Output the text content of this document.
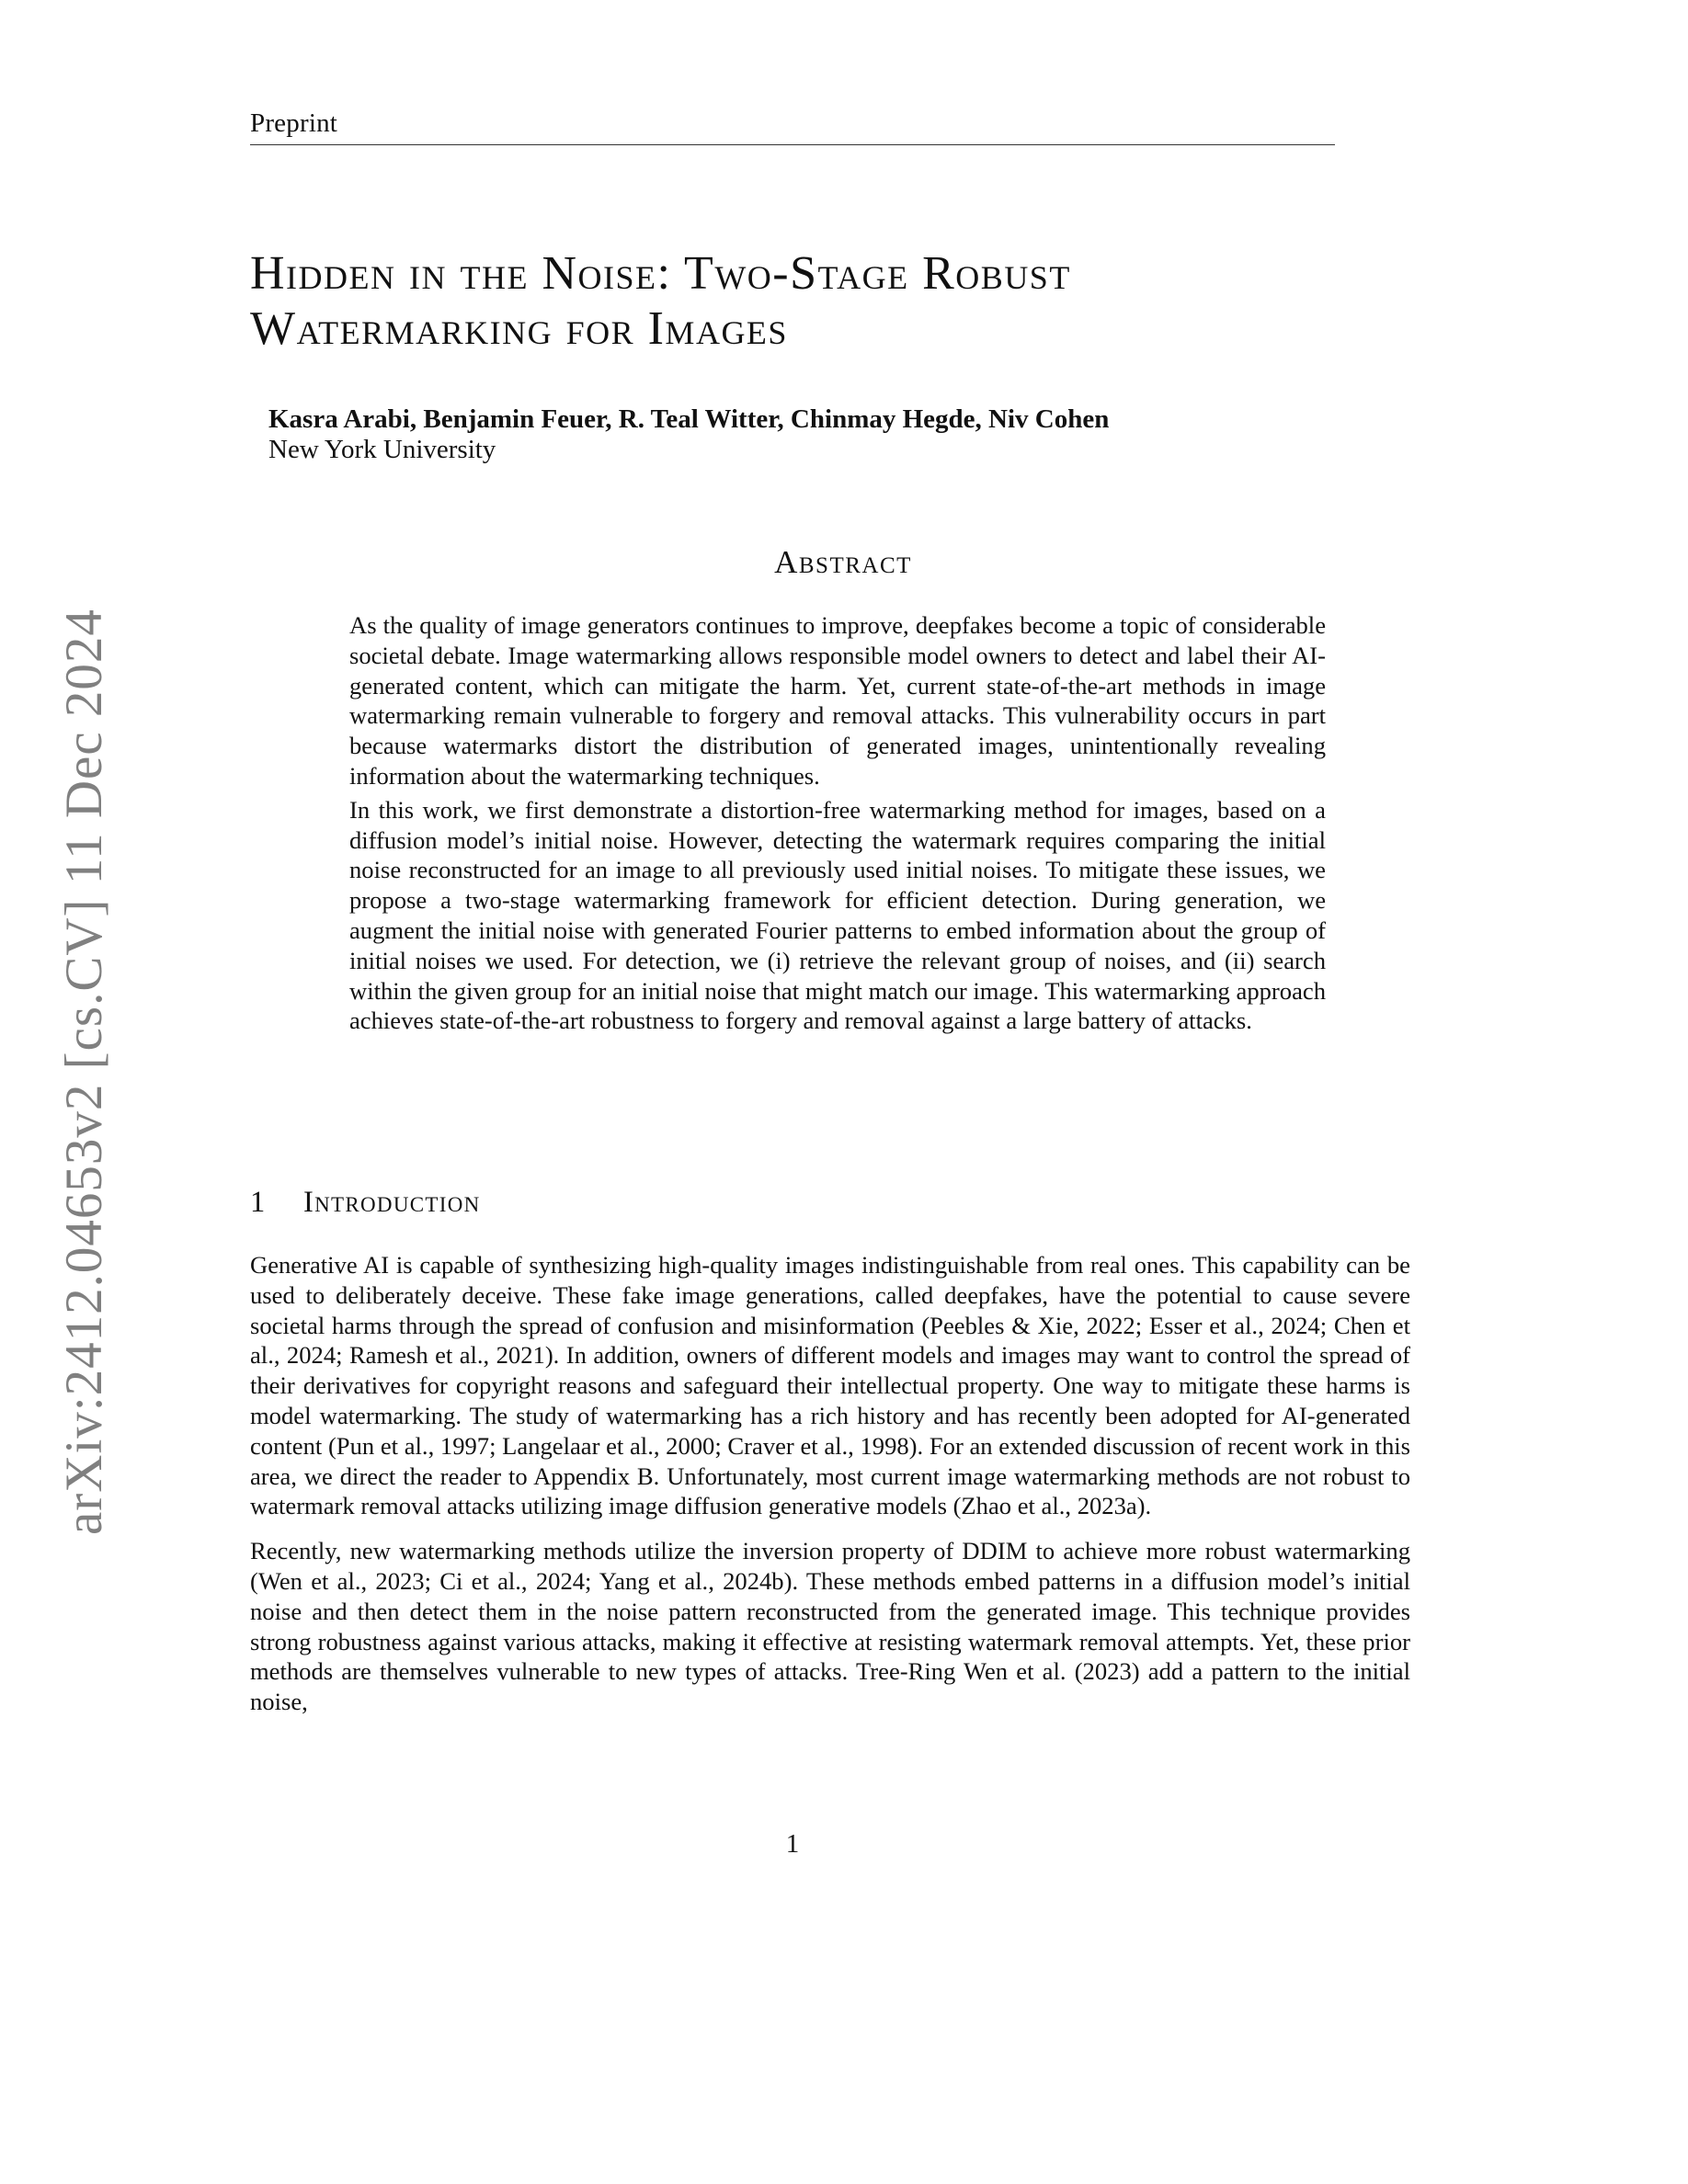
Preprint
arXiv:2412.04653v2 [cs.CV] 11 Dec 2024
Hidden in the Noise: Two-Stage Robust
Watermarking for Images
Kasra Arabi, Benjamin Feuer, R. Teal Witter, Chinmay Hegde, Niv Cohen
New York University
Abstract

As the quality of image generators continues to improve, deepfakes become a topic of considerable societal debate. Image watermarking allows responsible model owners to detect and label their AI-generated content, which can mitigate the harm. Yet, current state-of-the-art methods in image watermarking remain vulnerable to forgery and removal attacks. This vulnerability occurs in part because watermarks distort the distribution of generated images, unintentionally revealing information about the watermarking techniques.

In this work, we first demonstrate a distortion-free watermarking method for images, based on a diffusion model’s initial noise. However, detecting the watermark requires comparing the initial noise reconstructed for an image to all previously used initial noises. To mitigate these issues, we propose a two-stage watermarking framework for efficient detection. During generation, we augment the initial noise with generated Fourier patterns to embed information about the group of initial noises we used. For detection, we (i) retrieve the relevant group of noises, and (ii) search within the given group for an initial noise that might match our image. This watermarking approach achieves state-of-the-art robustness to forgery and removal against a large battery of attacks.

1 Introduction

Generative AI is capable of synthesizing high-quality images indistinguishable from real ones. This capability can be used to deliberately deceive. These fake image generations, called deepfakes, have the potential to cause severe societal harms through the spread of confusion and misinformation (Peebles & Xie, 2022; Esser et al., 2024; Chen et al., 2024; Ramesh et al., 2021). In addition, owners of different models and images may want to control the spread of their derivatives for copyright reasons and safeguard their intellectual property. One way to mitigate these harms is model watermarking. The study of watermarking has a rich history and has recently been adopted for AI-generated content (Pun et al., 1997; Langelaar et al., 2000; Craver et al., 1998). For an extended discussion of recent work in this area, we direct the reader to Appendix B. Unfortunately, most current image watermarking methods are not robust to watermark removal attacks utilizing image diffusion generative models (Zhao et al., 2023a).

Recently, new watermarking methods utilize the inversion property of DDIM to achieve more robust watermarking (Wen et al., 2023; Ci et al., 2024; Yang et al., 2024b). These methods embed patterns in a diffusion model’s initial noise and then detect them in the noise pattern reconstructed from the generated image. This technique provides strong robustness against various attacks, making it effective at resisting watermark removal attempts. Yet, these prior methods are themselves vulnerable to new types of attacks. Tree-Ring Wen et al. (2023) add a pattern to the initial noise,

1
